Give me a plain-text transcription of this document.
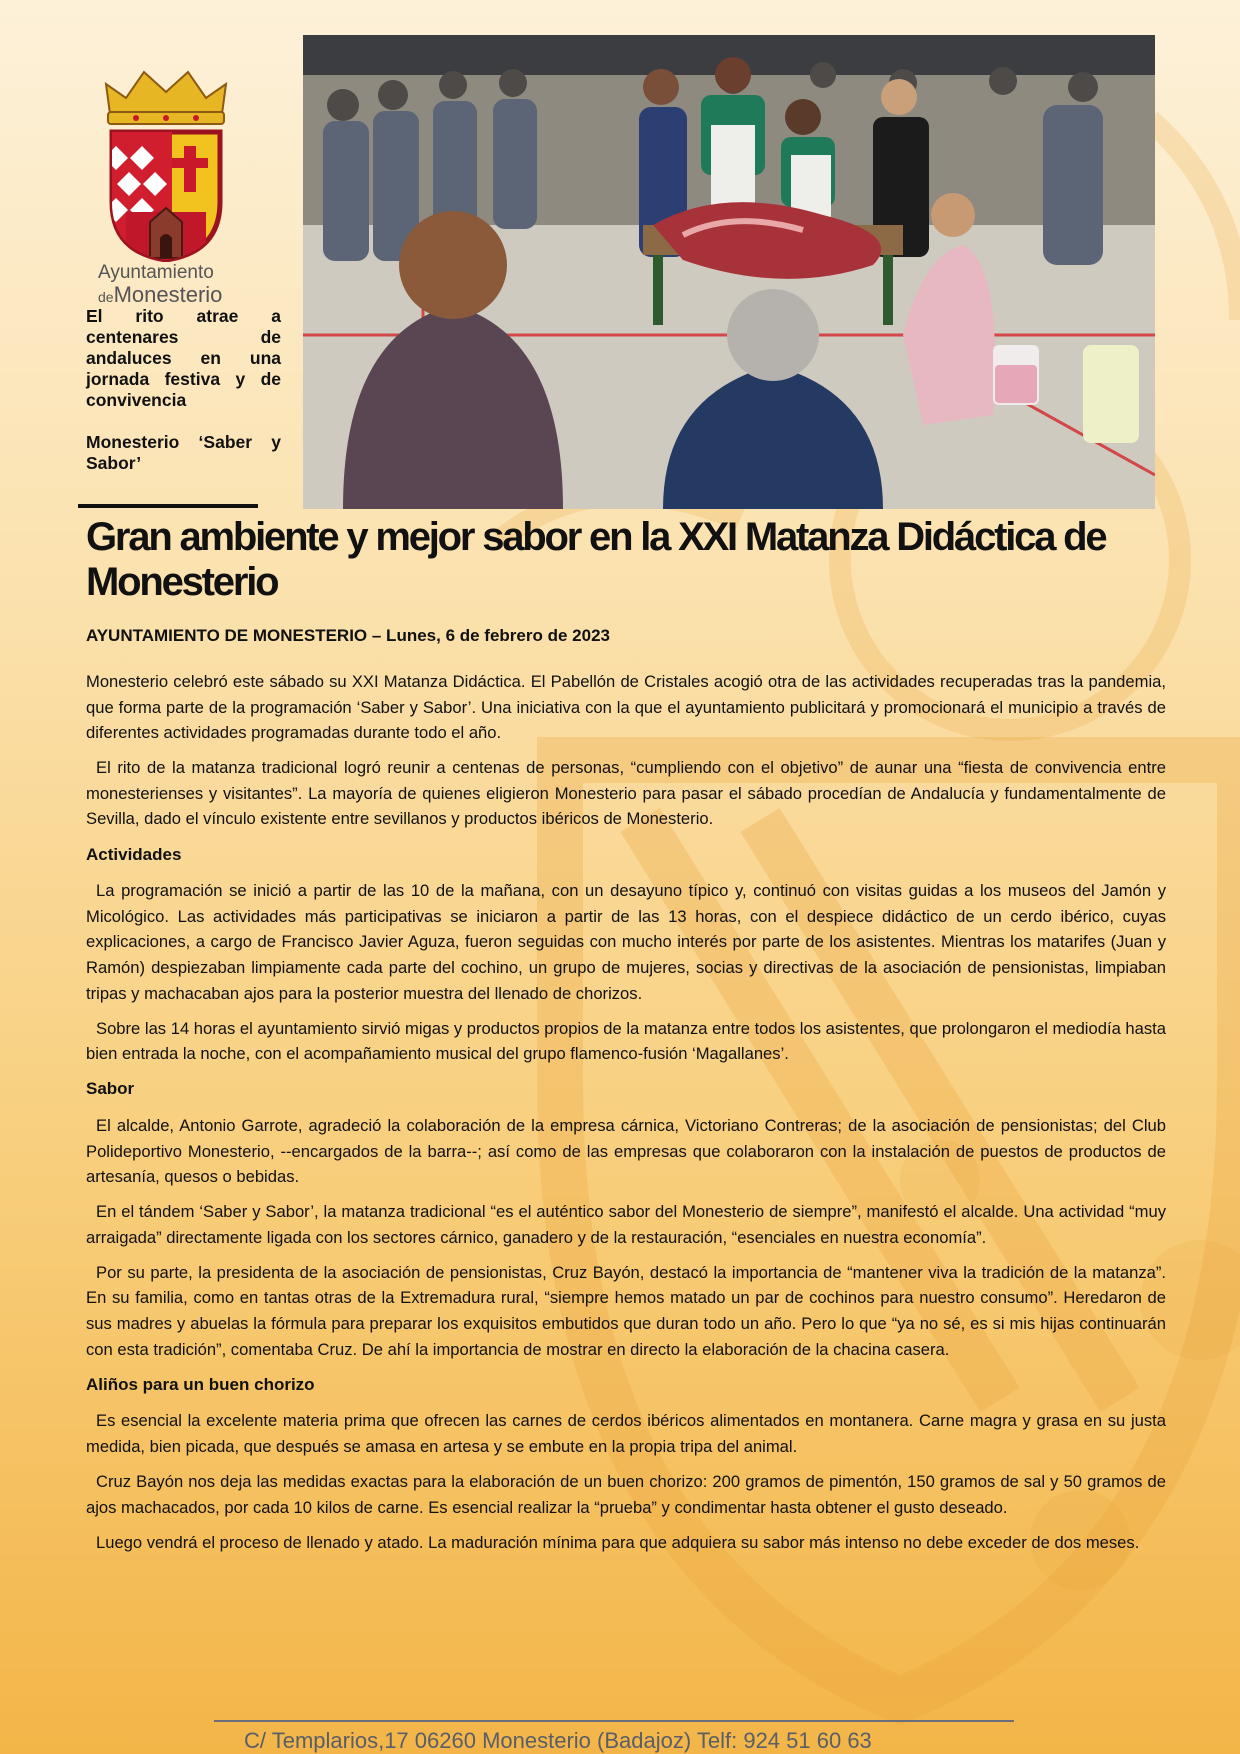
Ayuntamiento
deMonesterio
El rito atrae a centenares de andaluces en una jornada festiva y de convivencia
Monesterio ‘Saber y Sabor’
Gran ambiente y mejor sabor en la XXI Matanza Didáctica de Monesterio
AYUNTAMIENTO DE MONESTERIO – Lunes, 6 de febrero de 2023

Monesterio celebró este sábado su XXI Matanza Didáctica. El Pabellón de Cristales acogió otra de las actividades recuperadas tras la pandemia, que forma parte de la programación ‘Saber y Sabor’. Una iniciativa con la que el ayuntamiento publicitará y promocionará el municipio a través de diferentes actividades programadas durante todo el año.

El rito de la matanza tradicional logró reunir a centenas de personas, “cumpliendo con el objetivo” de aunar una “fiesta de convivencia entre monesterienses y visitantes”. La mayoría de quienes eligieron Monesterio para pasar el sábado procedían de Andalucía y fundamentalmente de Sevilla, dado el vínculo existente entre sevillanos y productos ibéricos de Monesterio.

Actividades

La programación se inició a partir de las 10 de la mañana, con un desayuno típico y, continuó con visitas guidas a los museos del Jamón y Micológico. Las actividades más participativas se iniciaron a partir de las 13 horas, con el despiece didáctico de un cerdo ibérico, cuyas explicaciones, a cargo de Francisco Javier Aguza, fueron seguidas con mucho interés por parte de los asistentes. Mientras los matarifes (Juan y Ramón) despiezaban limpiamente cada parte del cochino, un grupo de mujeres, socias y directivas de la asociación de pensionistas, limpiaban tripas y machacaban ajos para la posterior muestra del llenado de chorizos.

Sobre las 14 horas el ayuntamiento sirvió migas y productos propios de la matanza entre todos los asistentes, que prolongaron el mediodía hasta bien entrada la noche, con el acompañamiento musical del grupo flamenco-fusión ‘Magallanes’.

Sabor

El alcalde, Antonio Garrote, agradeció la colaboración de la empresa cárnica, Victoriano Contreras; de la asociación de pensionistas; del Club Polideportivo Monesterio, --encargados de la barra--; así como de las empresas que colaboraron con la instalación de puestos de productos de artesanía, quesos o bebidas.

En el tándem ‘Saber y Sabor’, la matanza tradicional “es el auténtico sabor del Monesterio de siempre”, manifestó el alcalde. Una actividad “muy arraigada” directamente ligada con los sectores cárnico, ganadero y de la restauración, “esenciales en nuestra economía”.

Por su parte, la presidenta de la asociación de pensionistas, Cruz Bayón, destacó la importancia de “mantener viva la tradición de la matanza”. En su familia, como en tantas otras de la Extremadura rural, “siempre hemos matado un par de cochinos para nuestro consumo”. Heredaron de sus madres y abuelas la fórmula para preparar los exquisitos embutidos que duran todo un año. Pero lo que “ya no sé, es si mis hijas continuarán con esta tradición”, comentaba Cruz. De ahí la importancia de mostrar en directo la elaboración de la chacina casera.

Aliños para un buen chorizo

Es esencial la excelente materia prima que ofrecen las carnes de cerdos ibéricos alimentados en montanera. Carne magra y grasa en su justa medida, bien picada, que después se amasa en artesa y se embute en la propia tripa del animal.

Cruz Bayón nos deja las medidas exactas para la elaboración de un buen chorizo: 200 gramos de pimentón, 150 gramos de sal y 50 gramos de ajos machacados, por cada 10 kilos de carne. Es esencial realizar la “prueba” y condimentar hasta obtener el gusto deseado.

Luego vendrá el proceso de llenado y atado. La maduración mínima para que adquiera su sabor más intenso no debe exceder de dos meses.

C/ Templarios,17 06260 Monesterio (Badajoz) Telf: 924 51 60 63
